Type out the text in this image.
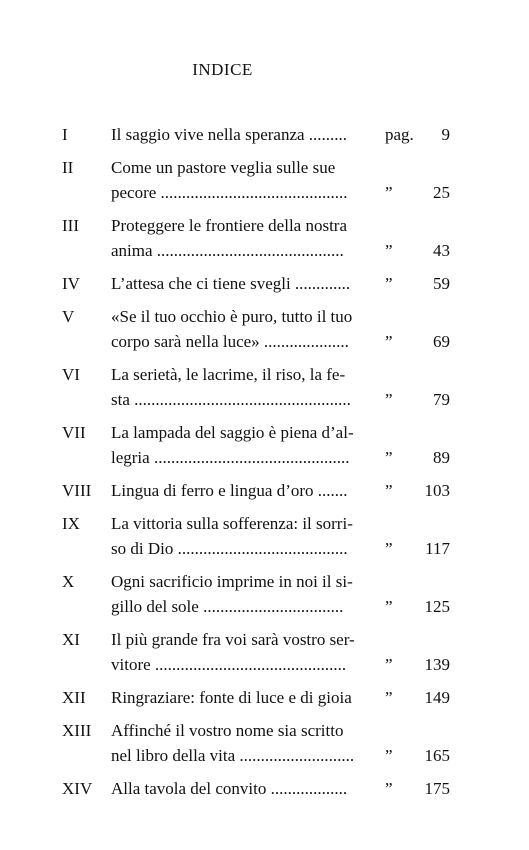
INDICE
I	Il saggio vive nella speranza .........	pag. 9
II Come un pastore veglia sulle sue
pecore ............................................	” 25
III Proteggere le frontiere della nostra
anima ............................................	” 43
IV L’attesa che ci tiene svegli .............	” 59
V «Se il tuo occhio è puro, tutto il tuo
corpo sarà nella luce» ....................	” 69
VI La serietà, le lacrime, il riso, la fe-
sta ...................................................	” 79
VII La lampada del saggio è piena d’al-
legria ..............................................	” 89
VIII Lingua di ferro e lingua d’oro .......	” 103
IX La vittoria sulla sofferenza: il sorri-
so di Dio ........................................	” 117
X Ogni sacrificio imprime in noi il si-
gillo del sole .................................	” 125
XI Il più grande fra voi sarà vostro ser-
vitore .............................................	” 139
XII Ringraziare: fonte di luce e di gioia	” 149
XIII Affinché il vostro nome sia scritto
nel libro della vita ...........................	” 165
XIV Alla tavola del convito ..................	” 175
